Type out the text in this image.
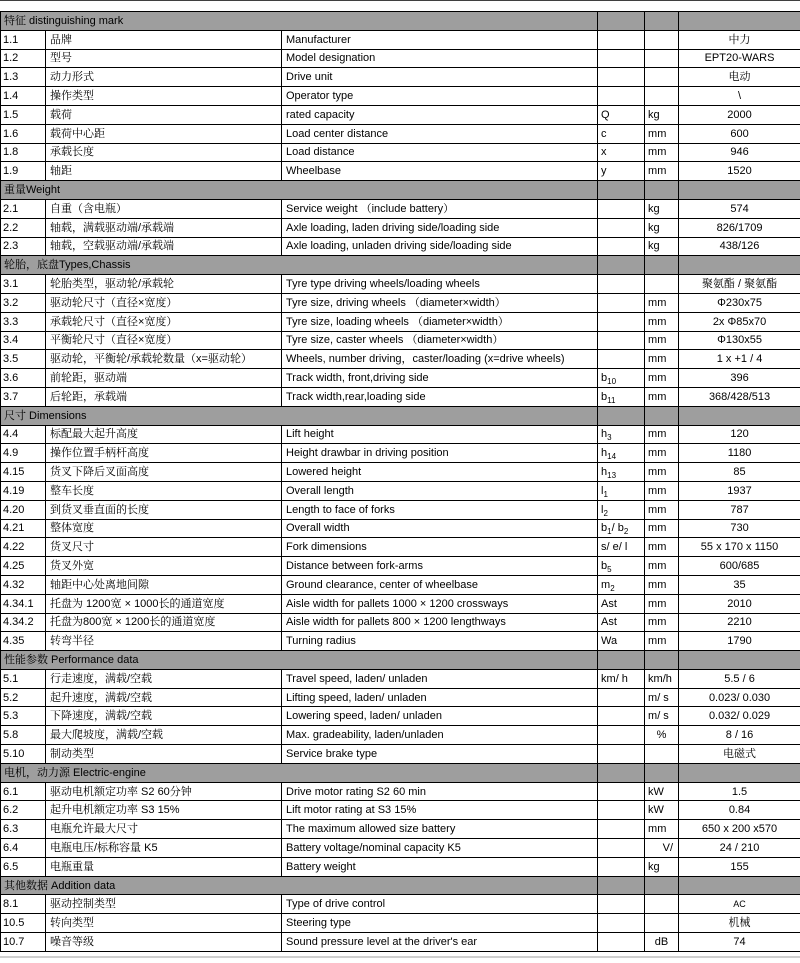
特征 distinguishing mark					
1.1	品牌	Manufacturer			中力
1.2	型号	Model designation			EPT20-WARS
1.3	动力形式	Drive unit			电动
1.4	操作类型	Operator type			\
1.5	载荷	rated capacity	Q	kg	2000
1.6	载荷中心距	Load center distance	c	mm	600
1.8	承载长度	Load distance	x	mm	946
1.9	轴距	Wheelbase	y	mm	1520
重量Weight					
2.1	自重（含电瓶）	Service weight （include battery）		kg	574
2.2	轴载，满载驱动端/承载端	Axle loading, laden driving side/loading side		kg	826/1709
2.3	轴载，空载驱动端/承载端	Axle loading, unladen driving side/loading side		kg	438/126
轮胎，底盘Types,Chassis					
3.1	轮胎类型，驱动轮/承载轮	Tyre type driving wheels/loading wheels			聚氨酯 / 聚氨酯
3.2	驱动轮尺寸（直径×宽度）	Tyre size, driving wheels （diameter×width）		mm	Φ230x75
3.3	承载轮尺寸（直径×宽度）	Tyre size, loading wheels （diameter×width）		mm	2x Φ85x70
3.4	平衡轮尺寸（直径×宽度）	Tyre size, caster wheels （diameter×width）		mm	Φ130x55
3.5	驱动轮，平衡轮/承载轮数量（x=驱动轮）	Wheels, number driving，caster/loading (x=drive wheels)		mm	1 x +1 / 4
3.6	前轮距，驱动端	Track width, front,driving side	$b_{10}$	mm	396
3.7	后轮距，承载端	Track width,rear,loading side	$b_{11}$	mm	368/428/513
尺寸 Dimensions					
4.4	标配最大起升高度	Lift height	$h_3$	mm	120
4.9	操作位置手柄杆高度	Height drawbar in driving position	$h_{14}$	mm	1180
4.15	货叉下降后叉面高度	Lowered height	$h_{13}$	mm	85
4.19	整车长度	Overall length	$l_1$	mm	1937
4.20	到货叉垂直面的长度	Length to face of forks	$l_2$	mm	787
4.21	整体宽度	Overall width	$b_1/$ $b_2$	mm	730
4.22	货叉尺寸	Fork dimensions	s/ e/ l	mm	55 x 170 x 1150
4.25	货叉外宽	Distance between fork-arms	$b_5$	mm	600/685
4.32	轴距中心处离地间隙	Ground clearance, center of wheelbase	$m_2$	mm	35
4.34.1	托盘为 1200宽 × 1000长的通道宽度	Aisle width for pallets 1000 × 1200 crossways	Ast	mm	2010
4.34.2	托盘为800宽 × 1200长的通道宽度	Aisle width for pallets 800 × 1200 lengthways	Ast	mm	2210
4.35	转弯半径	Turning radius	Wa	mm	1790
性能参数 Performance data					
5.1	行走速度，满载/空载	Travel speed, laden/ unladen	km/ h	km/h	5.5 / 6
5.2	起升速度，满载/空载	Lifting speed, laden/ unladen		m/ s	0.023/ 0.030
5.3	下降速度，满载/空载	Lowering speed, laden/ unladen		m/ s	0.032/ 0.029
5.8	最大爬坡度，满载/空载	Max. gradeability, laden/unladen		%	8 / 16
5.10	制动类型	Service brake type			电磁式
电机，动力源 Electric-engine					
6.1	驱动电机额定功率 S2 60分钟	Drive motor rating S2 60 min		kW	1.5
6.2	起升电机额定功率 S3 15%	Lift motor rating at S3 15%		kW	0.84
6.3	电瓶允许最大尺寸	The maximum allowed size battery		mm	650 x 200 x570
6.4	电瓶电压/标称容量 K5	Battery voltage/nominal capacity K5		V/	24 / 210
6.5	电瓶重量	Battery weight		kg	155
其他数据 Addition data					
8.1	驱动控制类型	Type of drive control			AC
10.5	转向类型	Steering type			机械
10.7	噪音等级	Sound pressure level at the driver's ear		dB	74
